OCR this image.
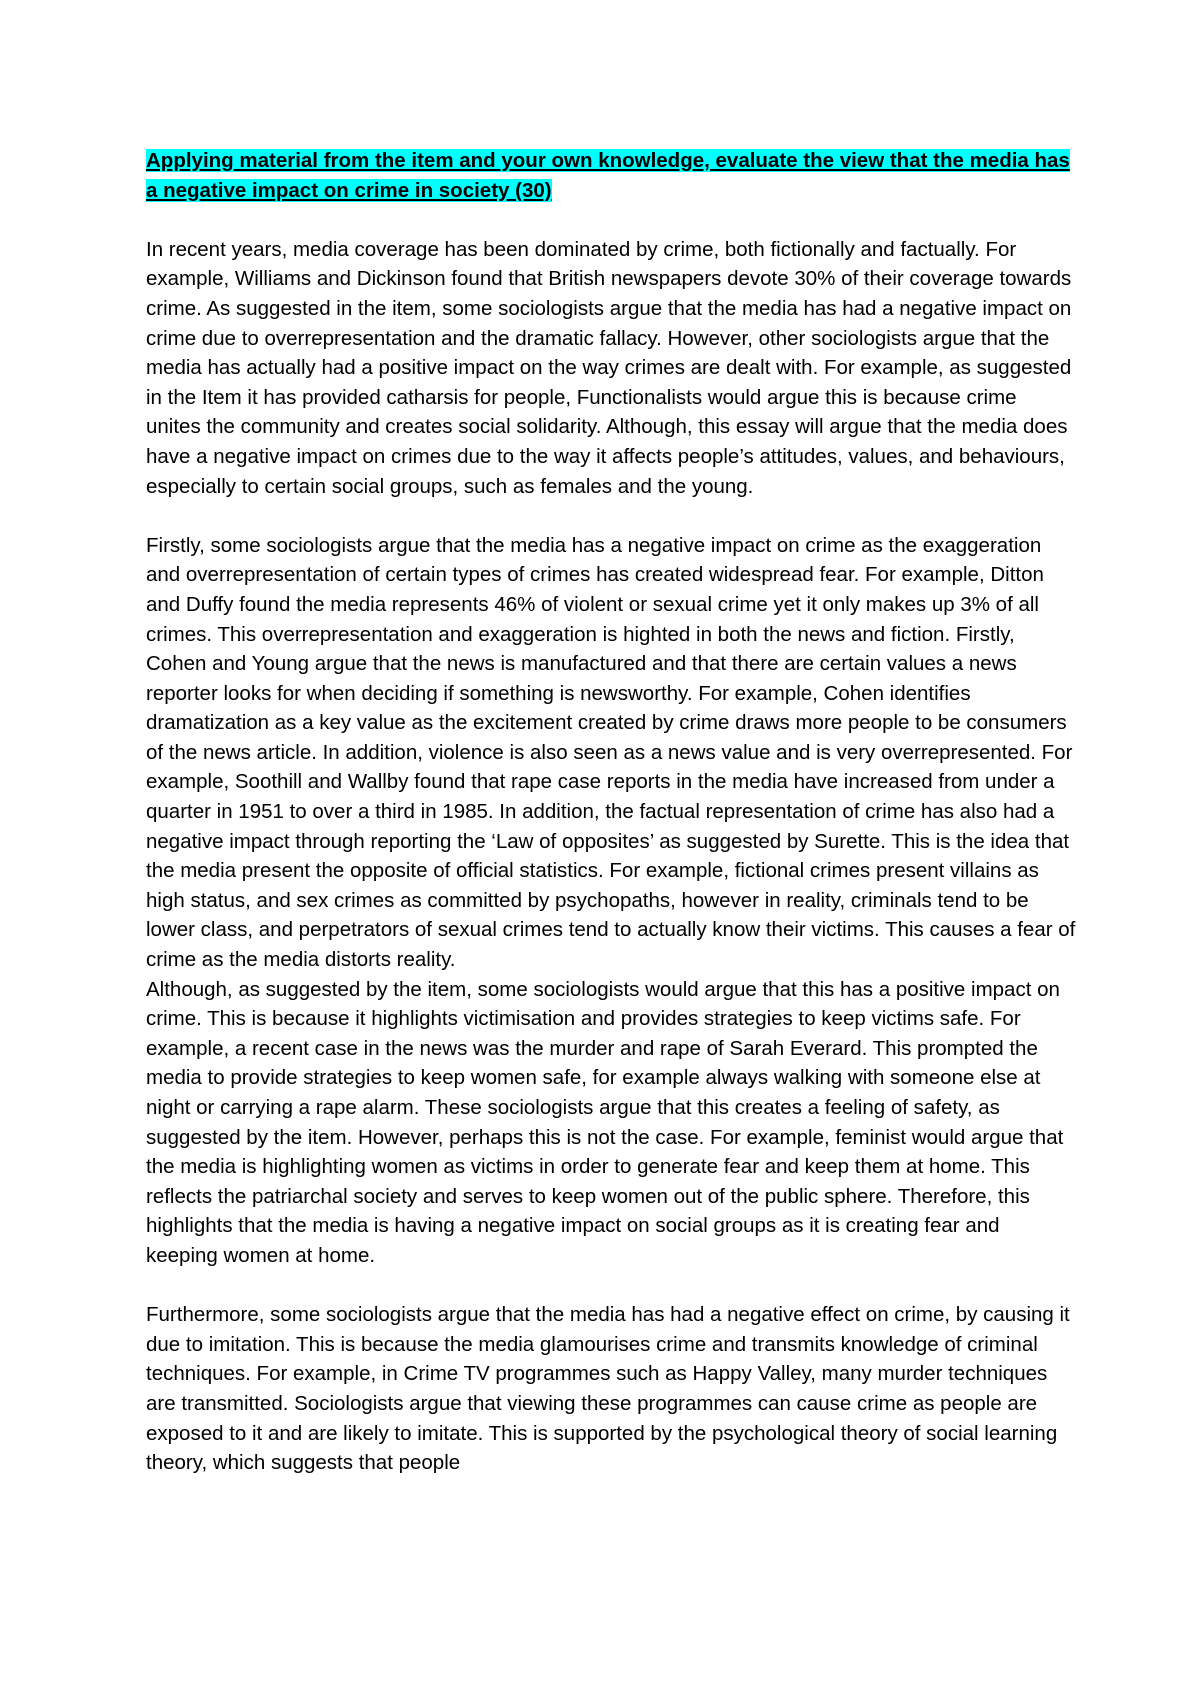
Applying material from the item and your own knowledge, evaluate the view that the media has a negative impact on crime in society (30)

In recent years, media coverage has been dominated by crime, both fictionally and factually. For example, Williams and Dickinson found that British newspapers devote 30% of their coverage towards crime. As suggested in the item, some sociologists argue that the media has had a negative impact on crime due to overrepresentation and the dramatic fallacy. However, other sociologists argue that the media has actually had a positive impact on the way crimes are dealt with. For example, as suggested in the Item it has provided catharsis for people, Functionalists would argue this is because crime unites the community and creates social solidarity. Although, this essay will argue that the media does have a negative impact on crimes due to the way it affects people’s attitudes, values, and behaviours, especially to certain social groups, such as females and the young.

Firstly, some sociologists argue that the media has a negative impact on crime as the exaggeration and overrepresentation of certain types of crimes has created widespread fear. For example, Ditton and Duffy found the media represents 46% of violent or sexual crime yet it only makes up 3% of all crimes. This overrepresentation and exaggeration is highted in both the news and fiction. Firstly, Cohen and Young argue that the news is manufactured and that there are certain values a news reporter looks for when deciding if something is newsworthy. For example, Cohen identifies dramatization as a key value as the excitement created by crime draws more people to be consumers of the news article. In addition, violence is also seen as a news value and is very overrepresented. For example, Soothill and Wallby found that rape case reports in the media have increased from under a quarter in 1951 to over a third in 1985. In addition, the factual representation of crime has also had a negative impact through reporting the ‘Law of opposites’ as suggested by Surette. This is the idea that the media present the opposite of official statistics. For example, fictional crimes present villains as high status, and sex crimes as committed by psychopaths, however in reality, criminals tend to be lower class, and perpetrators of sexual crimes tend to actually know their victims. This causes a fear of crime as the media distorts reality.

Although, as suggested by the item, some sociologists would argue that this has a positive impact on crime. This is because it highlights victimisation and provides strategies to keep victims safe. For example, a recent case in the news was the murder and rape of Sarah Everard. This prompted the media to provide strategies to keep women safe, for example always walking with someone else at night or carrying a rape alarm. These sociologists argue that this creates a feeling of safety, as suggested by the item. However, perhaps this is not the case. For example, feminist would argue that the media is highlighting women as victims in order to generate fear and keep them at home. This reflects the patriarchal society and serves to keep women out of the public sphere. Therefore, this highlights that the media is having a negative impact on social groups as it is creating fear and keeping women at home.

Furthermore, some sociologists argue that the media has had a negative effect on crime, by causing it due to imitation. This is because the media glamourises crime and transmits knowledge of criminal techniques. For example, in Crime TV programmes such as Happy Valley, many murder techniques are transmitted. Sociologists argue that viewing these programmes can cause crime as people are exposed to it and are likely to imitate. This is supported by the psychological theory of social learning theory, which suggests that people
